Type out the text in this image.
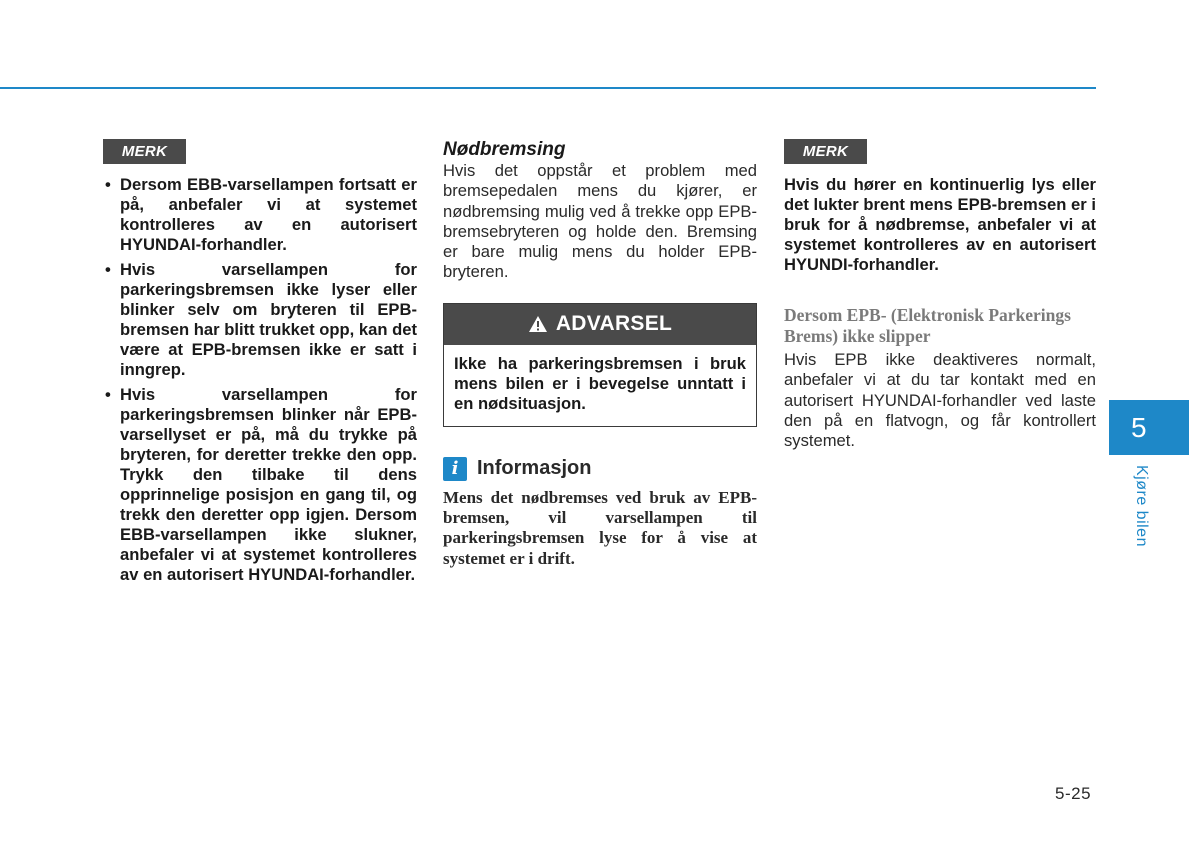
MERK
• Dersom EBB-varsellampen fortsatt er på, anbefaler vi at systemet kontrolleres av en autorisert HYUNDAI-forhandler.
• Hvis varsellampen for parkeringsbremsen ikke lyser eller blinker selv om bryteren til EPB-bremsen har blitt trukket opp, kan det være at EPB-bremsen ikke er satt i inngrep.
• Hvis varsellampen for parkeringsbremsen blinker når EPB-varsellyset er på, må du trykke på bryteren, for deretter trekke den opp. Trykk den tilbake til dens opprinnelige posisjon en gang til, og trekk den deretter opp igjen. Dersom EBB-varsellampen ikke slukner, anbefaler vi at systemet kontrolleres av en autorisert HYUNDAI-forhandler.
Nødbremsing

Hvis det oppstår et problem med bremsepedalen mens du kjører, er nødbremsing mulig ved å trekke opp EPB-bremsebryteren og holde den. Bremsing er bare mulig mens du holder EPB-bryteren.

ADVARSEL
Ikke ha parkeringsbremsen i bruk mens bilen er i bevegelse unntatt i en nødsituasjon.
i Informasjon

Mens det nødbremses ved bruk av EPB-bremsen, vil varsellampen til parkeringsbremsen lyse for å vise at systemet er i drift.

MERK

Hvis du hører en kontinuerlig lys eller det lukter brent mens EPB-bremsen er i bruk for å nødbremse, anbefaler vi at systemet kontrolleres av en autorisert HYUNDI-forhandler.

Dersom EPB- (Elektronisk Parkerings Brems) ikke slipper

Hvis EPB ikke deaktiveres normalt, anbefaler vi at du tar kontakt med en autorisert HYUNDAI-forhandler ved laste den på en flatvogn, og får kontrollert systemet.	5
Kjøre bilen
5-25
